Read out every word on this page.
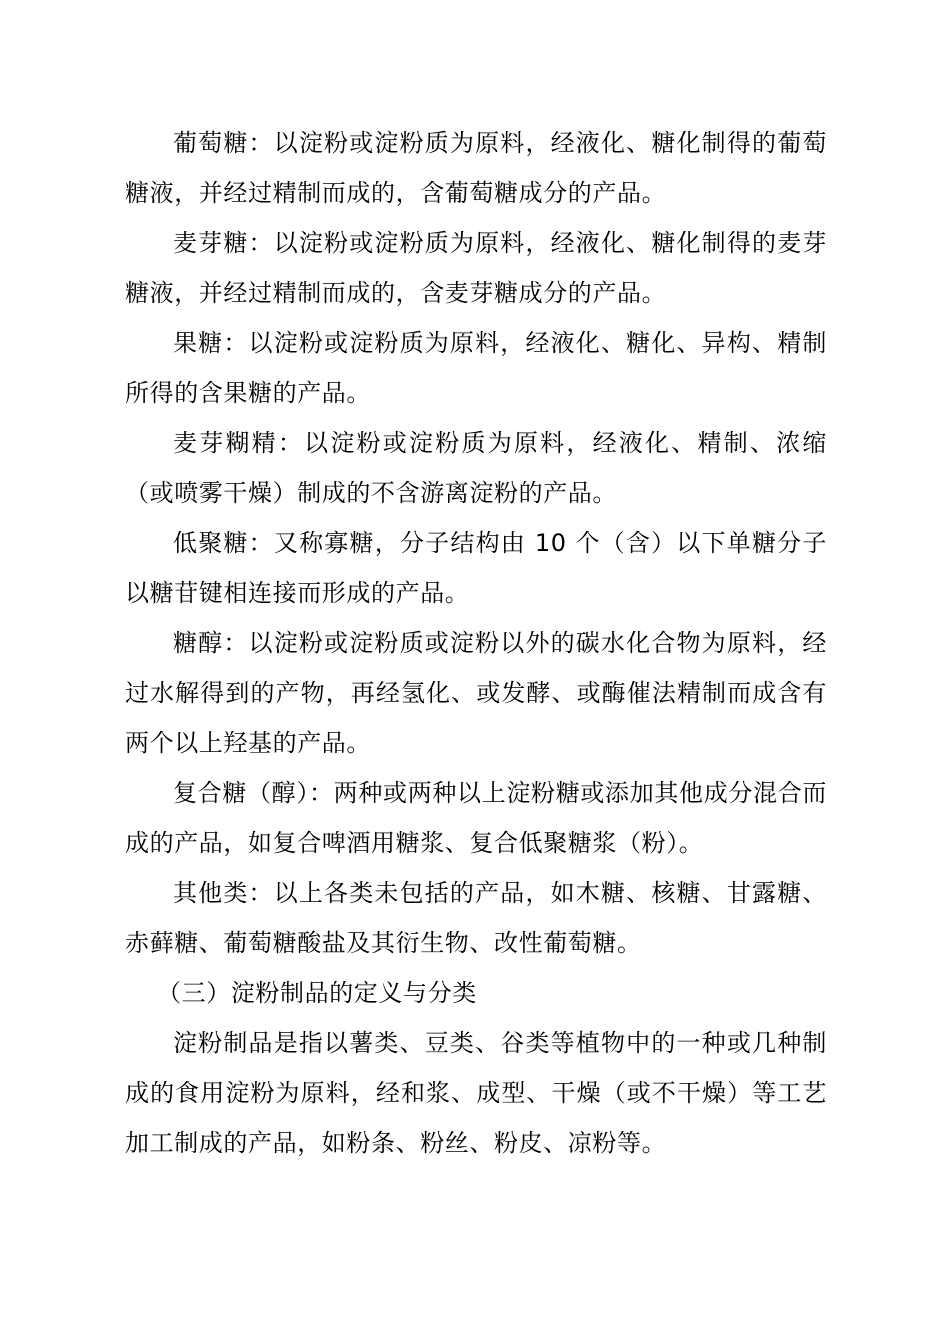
葡萄糖：以淀粉或淀粉质为原料，经液化、糖化制得的葡萄糖液，并经过精制而成的，含葡萄糖成分的产品。

麦芽糖：以淀粉或淀粉质为原料，经液化、糖化制得的麦芽糖液，并经过精制而成的，含麦芽糖成分的产品。

果糖：以淀粉或淀粉质为原料，经液化、糖化、异构、精制所得的含果糖的产品。

麦芽糊精：以淀粉或淀粉质为原料，经液化、精制、浓缩（或喷雾干燥）制成的不含游离淀粉的产品。

低聚糖：又称寡糖，分子结构由 10 个（含）以下单糖分子以糖苷键相连接而形成的产品。

糖醇：以淀粉或淀粉质或淀粉以外的碳水化合物为原料，经过水解得到的产物，再经氢化、或发酵、或酶催法精制而成含有两个以上羟基的产品。

复合糖（醇）：两种或两种以上淀粉糖或添加其他成分混合而成的产品，如复合啤酒用糖浆、复合低聚糖浆（粉）。

其他类：以上各类未包括的产品，如木糖、核糖、甘露糖、赤藓糖、葡萄糖酸盐及其衍生物、改性葡萄糖。

（三）淀粉制品的定义与分类

淀粉制品是指以薯类、豆类、谷类等植物中的一种或几种制成的食用淀粉为原料，经和浆、成型、干燥（或不干燥）等工艺加工制成的产品，如粉条、粉丝、粉皮、凉粉等。
